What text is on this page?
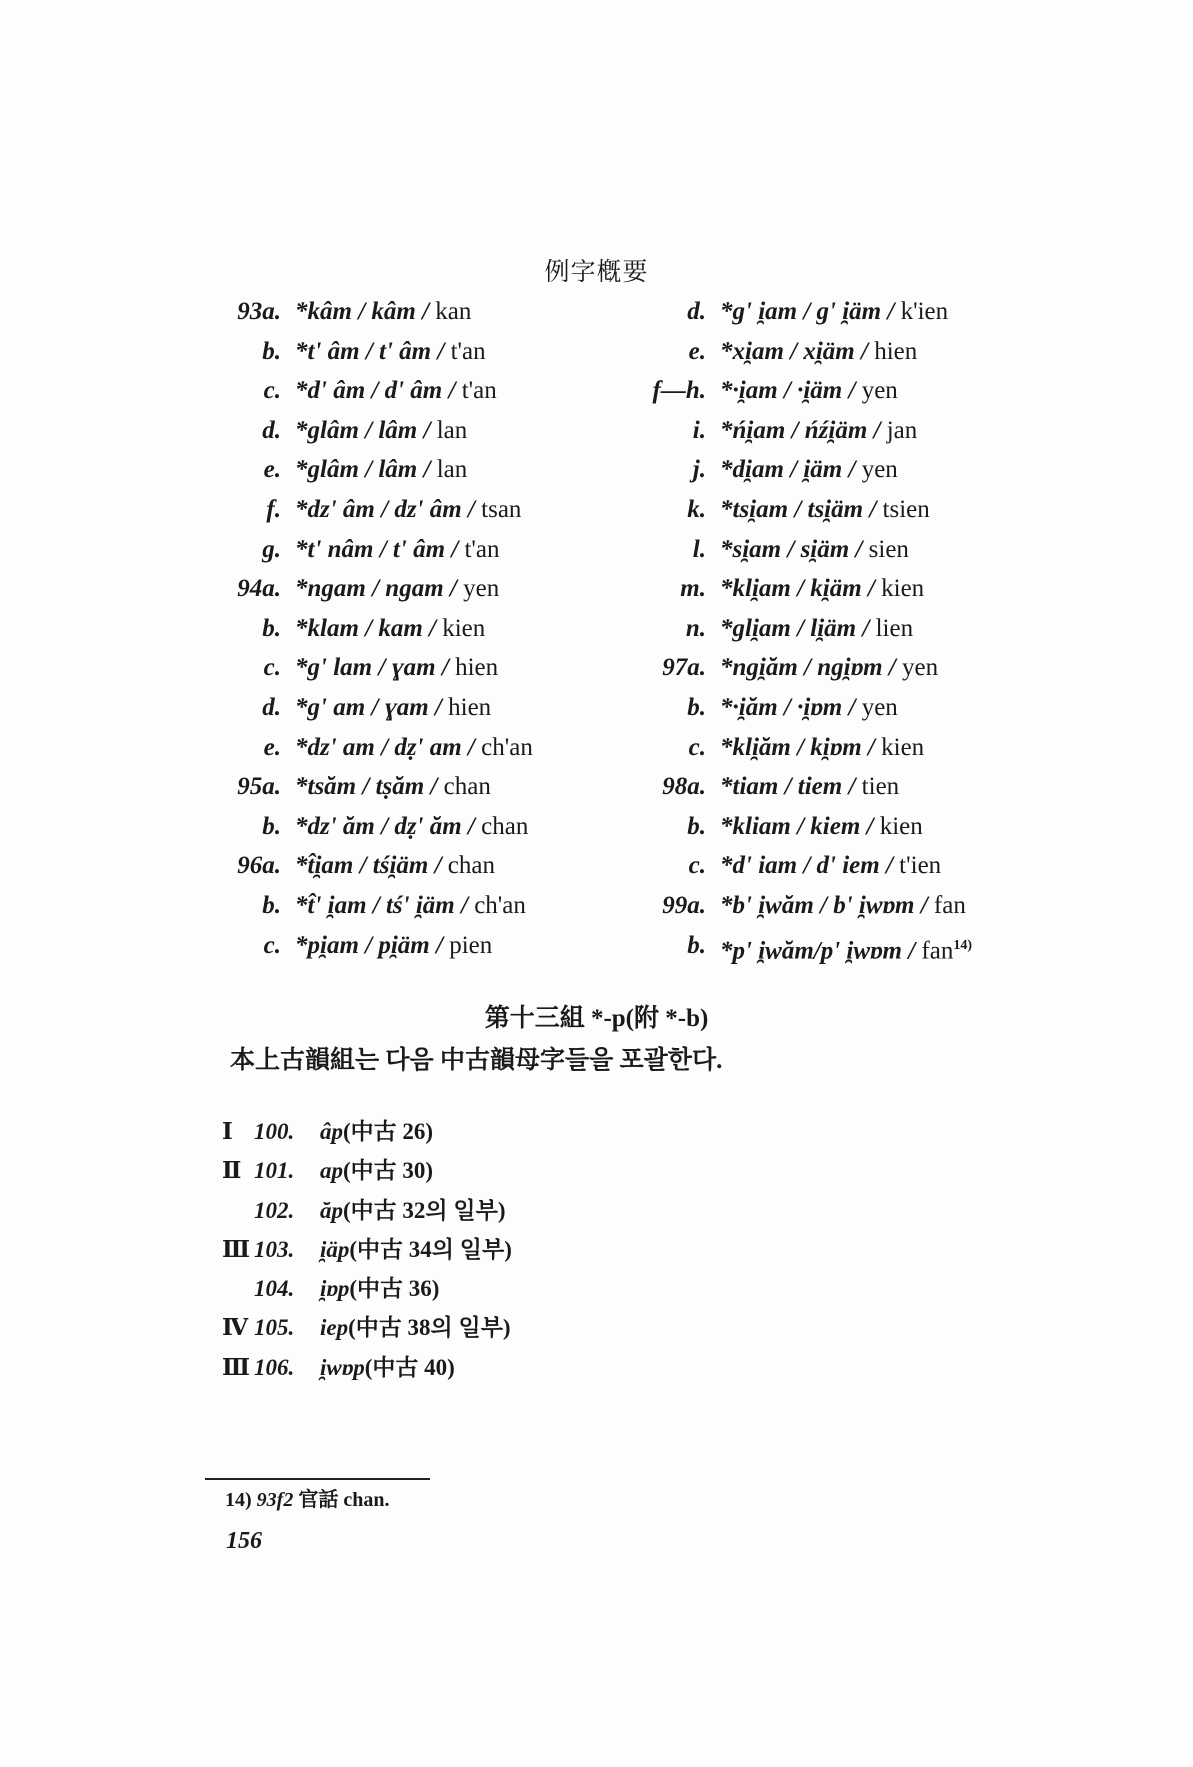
例字槪要
93a. *kâm / kâm / kan
b. *t' âm / t' âm / t'an
c. *d' âm / d' âm / t'an
d. *glâm / lâm / lan
e. *glâm / lâm / lan
f. *dz' âm / dz' âm / tsan
g. *t' nâm / t' âm / t'an
94a. *ngam / ngam / yen
b. *klam / kam / kien
c. *g' lam / ɣam / hien
d. *g' am / ɣam / hien
e. *dz' am / dẓ' am / ch'an
95a. *tsăm / tṣăm / chan
b. *dz' ăm / dẓ' ăm / chan
96a. *t̂i̯am / tśi̯äm / chan
b. *t̂' i̯am / tś' i̯äm / ch'an
c. *pi̯am / pi̯äm / pien
d. *g' i̯am / g' i̯äm / k'ien
e. *xi̯am / xi̯äm / hien
f—h. *·i̯am / ·i̯äm / yen
i. *ńi̯am / ńźi̯äm / jan
j. *di̯am / i̯äm / yen
k. *tsi̯am / tsi̯äm / tsien
l. *si̯am / si̯äm / sien
m. *kli̯am / ki̯äm / kien
n. *gli̯am / li̯äm / lien
97a. *ngi̯ăm / ngi̯ɒm / yen
b. *·i̯ăm / ·i̯ɒm / yen
c. *kli̯ăm / ki̯ɒm / kien
98a. *tiam / tiem / tien
b. *kliam / kiem / kien
c. *d' iam / d' iem / t'ien
99a. *b' i̯wăm / b' i̯wɒm / fan
b. *p' i̯wăm/p' i̯wɒm / fan$^{14)}$
第十三組 *-p(附 *-b)
本上古韻組는 다음 中古韻母字들을 포괄한다.
Ⅰ 100.	âp(中古 26)
Ⅱ 101.	ap(中古 30)
102.	ăp(中古 32의 일부)
Ⅲ 103.	i̯äp(中古 34의 일부)
104.	i̯ɒp(中古 36)
Ⅳ 105.	iep(中古 38의 일부)
Ⅲ 106.	i̯wɒp(中古 40)
14) 93f2 官話 chan.
156
